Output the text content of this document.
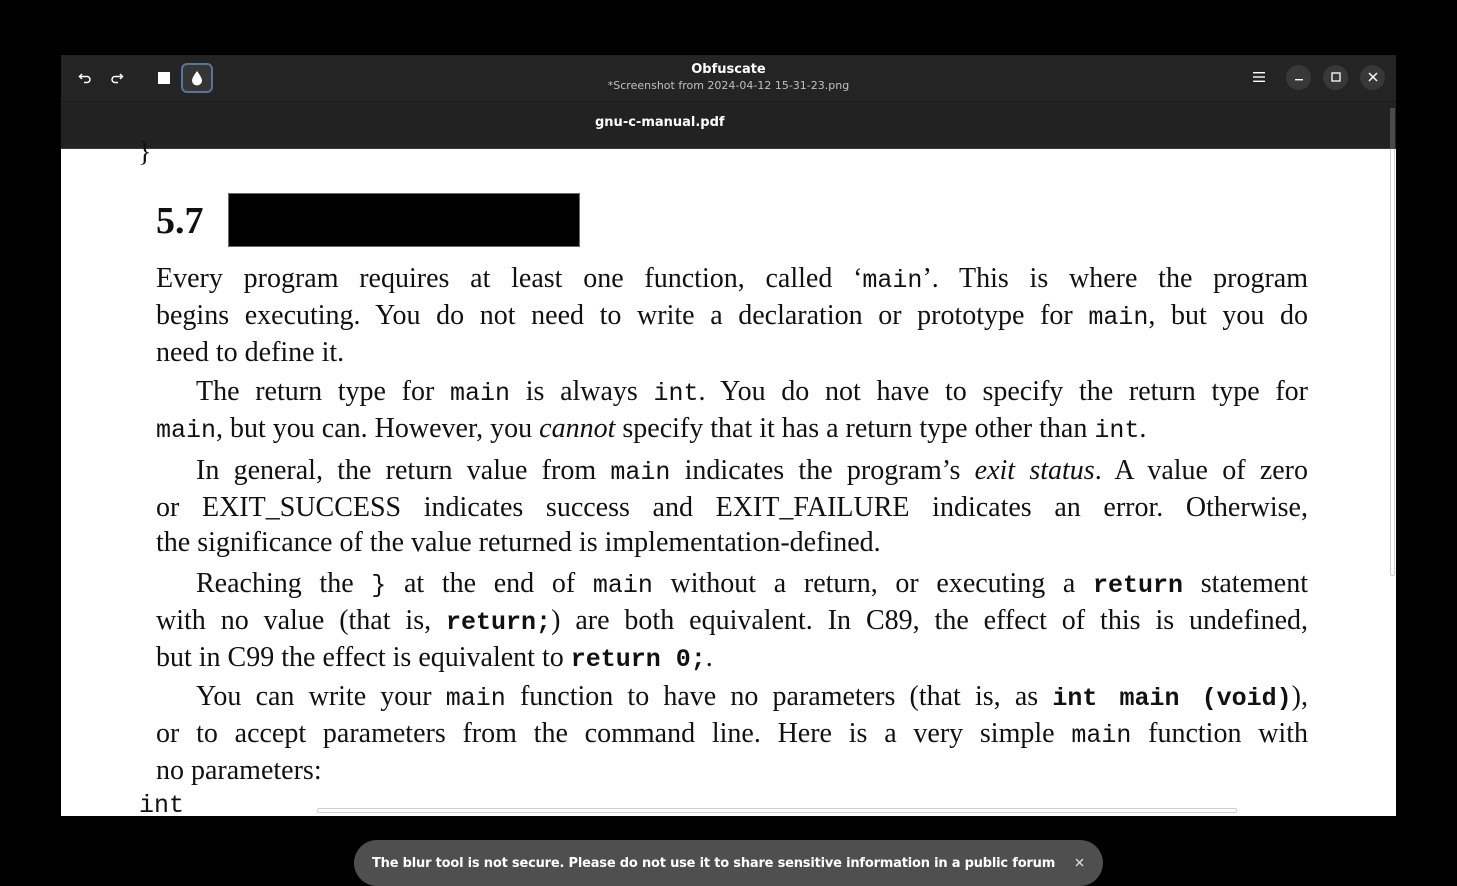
Obfuscate
*Screenshot from 2024-04-12 15-31-23.png
gnu-c-manual.pdf
}
5.7
Every program requires at least one function, called ‘main’. This is where the program
begins executing. You do not need to write a declaration or prototype for main, but you do
need to define it.
The return type for main is always int. You do not have to specify the return type for
main, but you can. However, you cannot specify that it has a return type other than int.
In general, the return value from main indicates the program’s exit status. A value of zero
or EXIT_SUCCESS indicates success and EXIT_FAILURE indicates an error. Otherwise,
the significance of the value returned is implementation-defined.
Reaching the } at the end of main without a return, or executing a return statement
with no value (that is, return;) are both equivalent. In C89, the effect of this is undefined,
but in C99 the effect is equivalent to return 0;.
You can write your main function to have no parameters (that is, as int main (void)),
or to accept parameters from the command line. Here is a very simple main function with
no parameters:
int
The blur tool is not secure. Please do not use it to share sensitive information in a public forum
